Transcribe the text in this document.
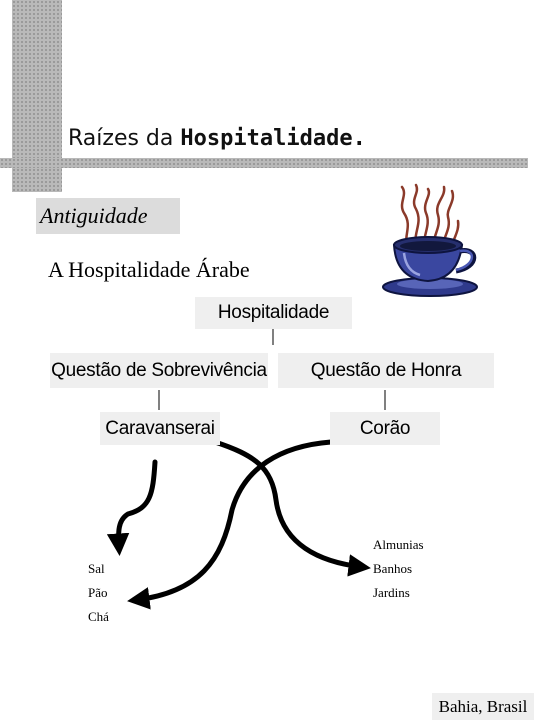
Raízes da Hospitalidade.
Antiguidade
A Hospitalidade Árabe
Hospitalidade
Questão de Sobrevivência	Questão de Honra
Caravanserai	Corão
Sal
Pão
Chá
Almunias
Banhos
Jardins
Bahia, Brasil
